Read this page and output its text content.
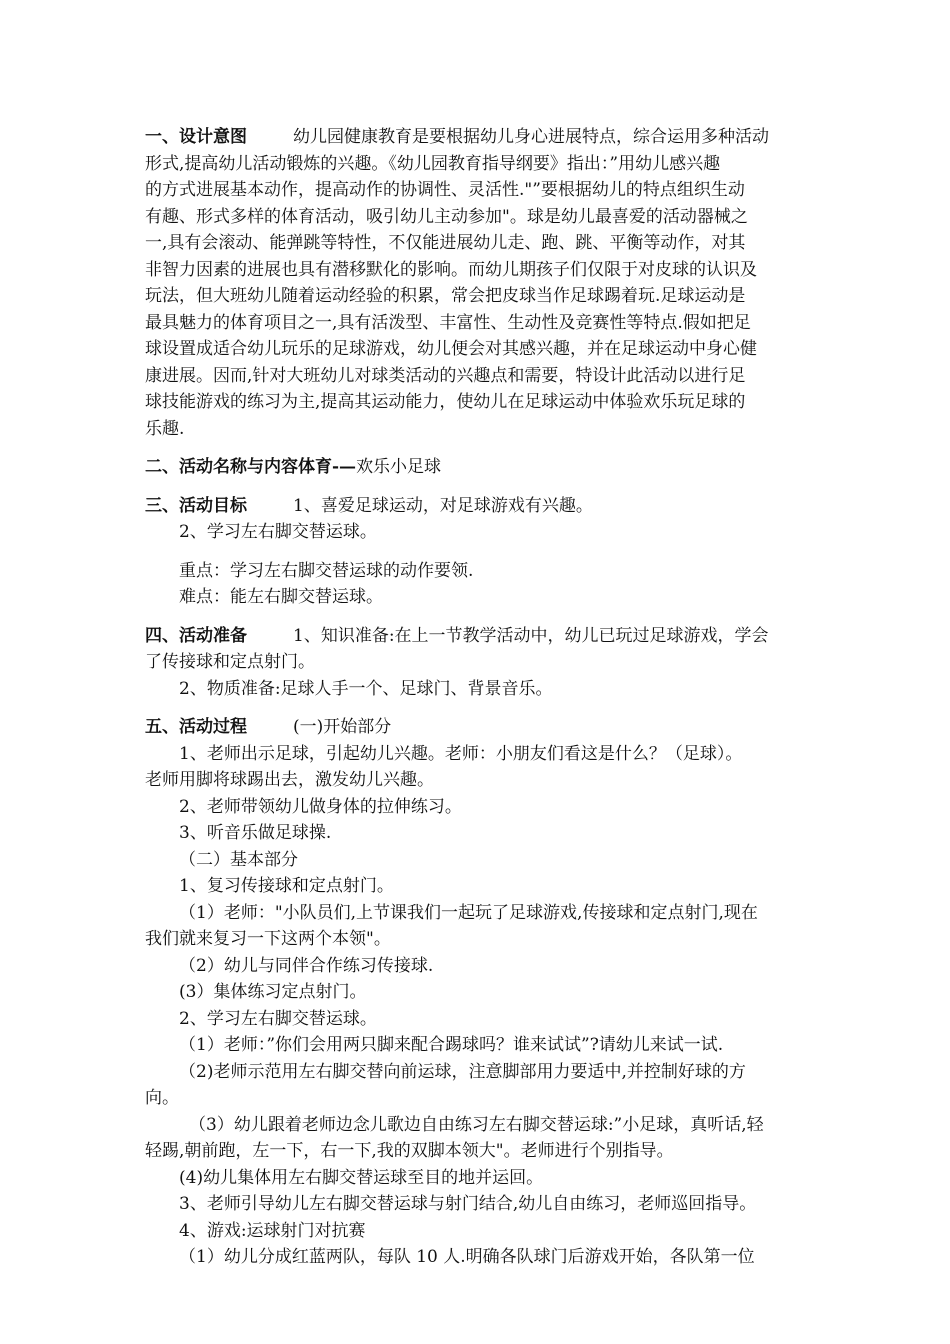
一、设计意图	幼儿园健康教育是要根据幼儿身心进展特点，综合运用多种活动

形式,提高幼儿活动锻炼的兴趣。《幼儿园教育指导纲要》指出：”用幼儿感兴趣

的方式进展基本动作，提高动作的协调性、灵活性."”要根据幼儿的特点组织生动

有趣、形式多样的体育活动，吸引幼儿主动参加"。球是幼儿最喜爱的活动器械之

一,具有会滚动、能弹跳等特性，不仅能进展幼儿走、跑、跳、平衡等动作，对其

非智力因素的进展也具有潜移默化的影响。而幼儿期孩子们仅限于对皮球的认识及

玩法，但大班幼儿随着运动经验的积累，常会把皮球当作足球踢着玩.足球运动是

最具魅力的体育项目之一,具有活泼型、丰富性、生动性及竞赛性等特点.假如把足

球设置成适合幼儿玩乐的足球游戏，幼儿便会对其感兴趣，并在足球运动中身心健

康进展。因而,针对大班幼儿对球类活动的兴趣点和需要，特设计此活动以进行足

球技能游戏的练习为主,提高其运动能力，使幼儿在足球运动中体验欢乐玩足球的

乐趣.

二、活动名称与内容体育-—欢乐小足球

三、活动目标	1、喜爱足球运动，对足球游戏有兴趣。

2、学习左右脚交替运球。

重点：学习左右脚交替运球的动作要领.

难点：能左右脚交替运球。

四、活动准备	1、知识准备:在上一节教学活动中，幼儿已玩过足球游戏，学会

了传接球和定点射门。

2、物质准备:足球人手一个、足球门、背景音乐。

五、活动过程	(一)开始部分

1、老师出示足球，引起幼儿兴趣。老师：小朋友们看这是什么？（足球）。

老师用脚将球踢出去，激发幼儿兴趣。

2、老师带领幼儿做身体的拉伸练习。

3、听音乐做足球操.

（二）基本部分

1、复习传接球和定点射门。

（1）老师："小队员们,上节课我们一起玩了足球游戏,传接球和定点射门,现在

我们就来复习一下这两个本领"。

（2）幼儿与同伴合作练习传接球.

(3）集体练习定点射门。

2、学习左右脚交替运球。

（1）老师：”你们会用两只脚来配合踢球吗？谁来试试”?请幼儿来试一试.

（2)老师示范用左右脚交替向前运球，注意脚部用力要适中,并控制好球的方

向。

（3）幼儿跟着老师边念儿歌边自由练习左右脚交替运球:”小足球，真听话,轻

轻踢,朝前跑，左一下，右一下,我的双脚本领大"。老师进行个别指导。

(4)幼儿集体用左右脚交替运球至目的地并运回。

3、老师引导幼儿左右脚交替运球与射门结合,幼儿自由练习，老师巡回指导。

4、游戏:运球射门对抗赛

（1）幼儿分成红蓝两队，每队 10 人.明确各队球门后游戏开始，各队第一位
